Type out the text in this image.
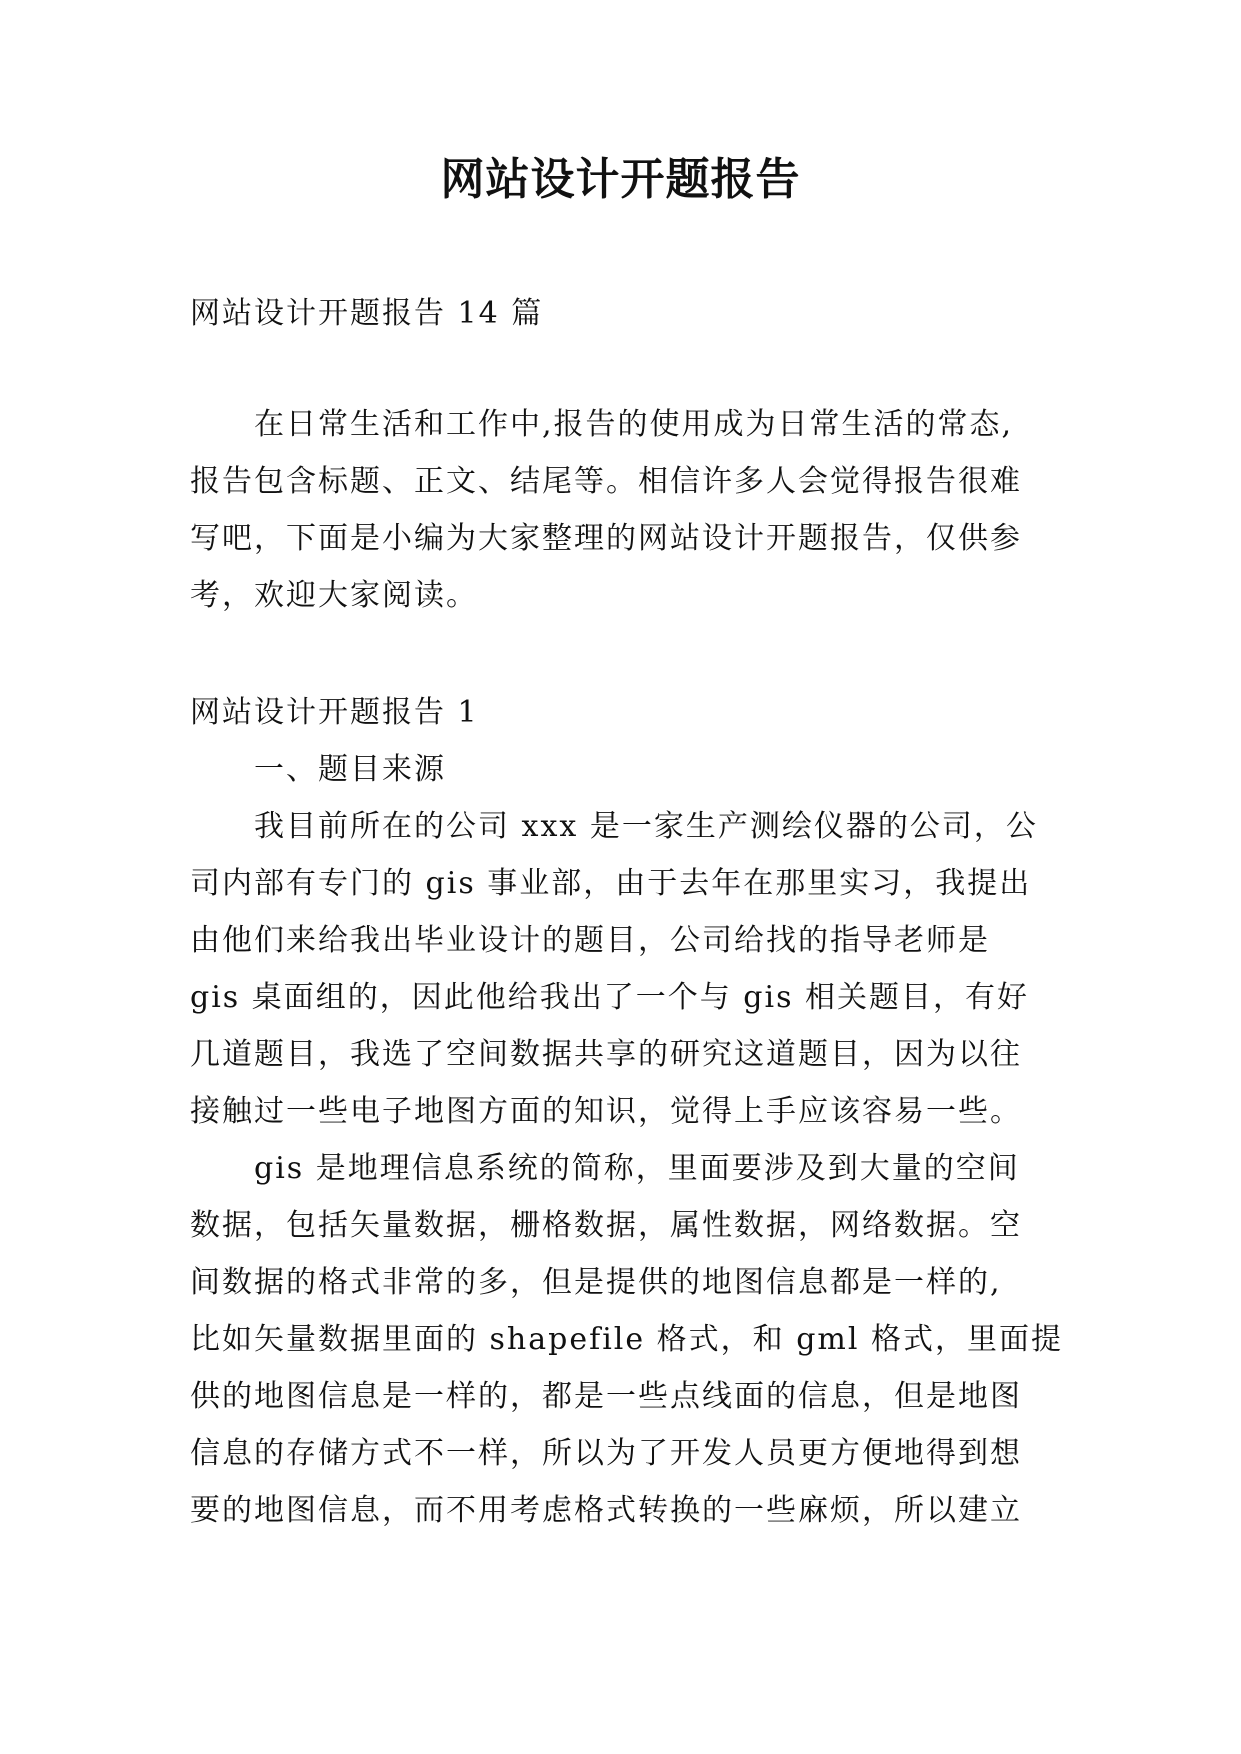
网站设计开题报告
网站设计开题报告 14 篇
在日常生活和工作中,报告的使用成为日常生活的常态,
报告包含标题、正文、结尾等。相信许多人会觉得报告很难
写吧，下面是小编为大家整理的网站设计开题报告，仅供参
考，欢迎大家阅读。
网站设计开题报告 1
一、题目来源
我目前所在的公司 xxx 是一家生产测绘仪器的公司，公
司内部有专门的 gis 事业部，由于去年在那里实习，我提出
由他们来给我出毕业设计的题目，公司给找的指导老师是
gis 桌面组的，因此他给我出了一个与 gis 相关题目，有好
几道题目，我选了空间数据共享的研究这道题目，因为以往
接触过一些电子地图方面的知识，觉得上手应该容易一些。
gis 是地理信息系统的简称，里面要涉及到大量的空间
数据，包括矢量数据，栅格数据，属性数据，网络数据。空
间数据的格式非常的多，但是提供的地图信息都是一样的,
比如矢量数据里面的 shapefile 格式，和 gml 格式，里面提
供的地图信息是一样的，都是一些点线面的信息，但是地图
信息的存储方式不一样，所以为了开发人员更方便地得到想
要的地图信息，而不用考虑格式转换的一些麻烦，所以建立
